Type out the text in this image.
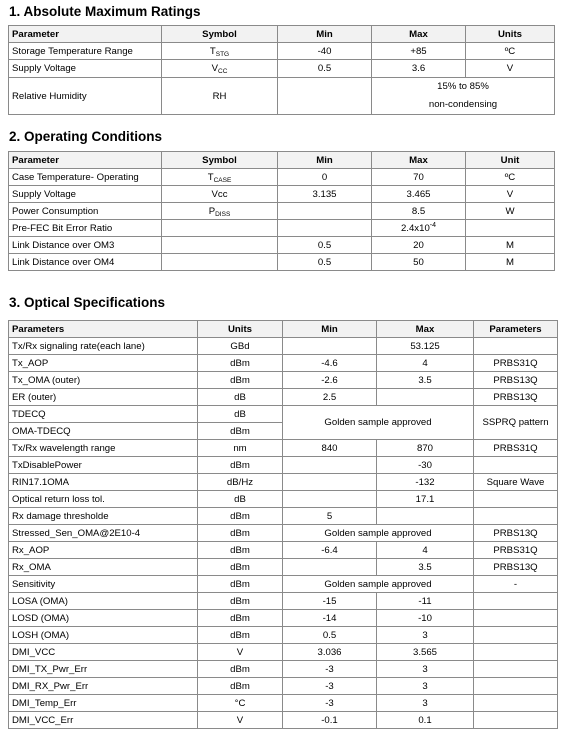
1. Absolute Maximum Ratings
Parameter	Symbol	Min	Max	Units
Storage Temperature Range	$T_{STG}$	-40	+85	ºC
Supply Voltage	$V_{CC}$	0.5	3.6	V
Relative Humidity	RH		15% to 85%
non-condensing	
2. Operating Conditions
Parameter	Symbol	Min	Max	Unit
Case Temperature- Operating	$T_{CASE}$	0	70	ºC
Supply Voltage	Vcc	3.135	3.465	V
Power Consumption	$P_{DISS}$		8.5	W
Pre-FEC Bit Error Ratio			$2.4x10^{-4}$	
Link Distance over OM3		0.5	20	M
Link Distance over OM4		0.5	50	M
3. Optical Specifications
Parameters	Units	Min	Max	Parameters
Tx/Rx signaling rate(each lane)	GBd		53.125	
Tx_AOP	dBm	-4.6	4	PRBS31Q
Tx_OMA (outer)	dBm	-2.6	3.5	PRBS13Q
ER (outer)	dB	2.5		PRBS13Q
TDECQ	dB	Golden sample approved		SSPRQ pattern
OMA-TDECQ	dBm			
Tx/Rx wavelength range	nm	840	870	PRBS31Q
TxDisablePower	dBm		-30	
RIN17.1OMA	dB/Hz		-132	Square Wave
Optical return loss tol.	dB		17.1	
Rx damage thresholde	dBm	5		
Stressed_Sen_OMA@2E10-4	dBm	Golden sample approved		PRBS13Q
Rx_AOP	dBm	-6.4	4	PRBS31Q
Rx_OMA	dBm		3.5	PRBS13Q
Sensitivity	dBm	Golden sample approved		-
LOSA (OMA)	dBm	-15	-11	
LOSD (OMA)	dBm	-14	-10	
LOSH (OMA)	dBm	0.5	3	
DMI_VCC	V	3.036	3.565	
DMI_TX_Pwr_Err	dBm	-3	3	
DMI_RX_Pwr_Err	dBm	-3	3	
DMI_Temp_Err	°C	-3	3	
DMI_VCC_Err	V	-0.1	0.1	
